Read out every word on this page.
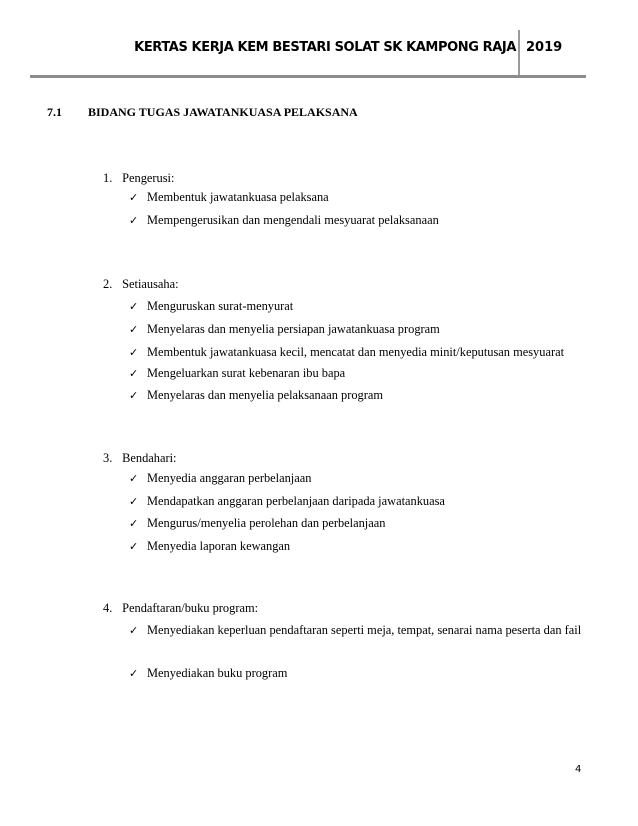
KERTAS KERJA KEM BESTARI SOLAT SK KAMPONG RAJA 2019
7.1 BIDANG TUGAS JAWATANKUASA PELAKSANA
1. Pengerusi:
✓ Membentuk jawatankuasa pelaksana
✓ Mempengerusikan dan mengendali mesyuarat pelaksanaan
2. Setiausaha:
✓ Menguruskan surat-menyurat
✓ Menyelaras dan menyelia persiapan jawatankuasa program
✓ Membentuk jawatankuasa kecil, mencatat dan menyedia minit/keputusan mesyuarat
✓ Mengeluarkan surat kebenaran ibu bapa
✓ Menyelaras dan menyelia pelaksanaan program
3. Bendahari:
✓ Menyedia anggaran perbelanjaan
✓ Mendapatkan anggaran perbelanjaan daripada jawatankuasa
✓ Mengurus/menyelia perolehan dan perbelanjaan
✓ Menyedia laporan kewangan
4. Pendaftaran/buku program:
✓ Menyediakan keperluan pendaftaran seperti meja, tempat, senarai nama peserta dan fail
✓ Menyediakan buku program
4
